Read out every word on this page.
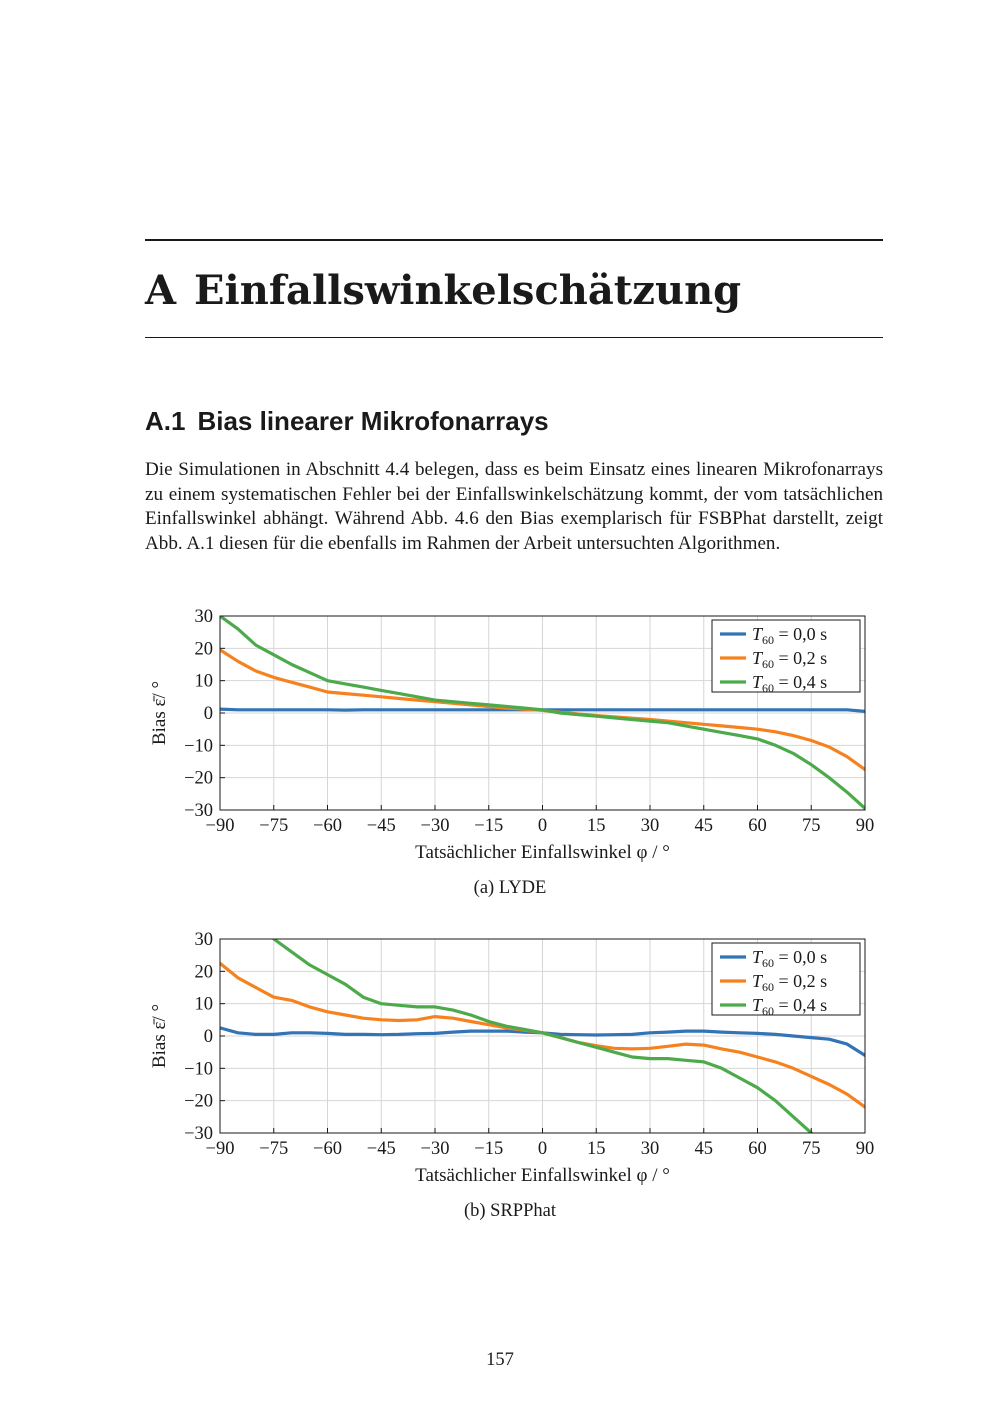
A Einfallswinkelschätzung
A.1 Bias linearer Mikrofonarrays

Die Simulationen in Abschnitt 4.4 belegen, dass es beim Einsatz eines linearen Mikrofonarrays zu einem systematischen Fehler bei der Einfallswinkelschätzung kommt, der vom tatsächlichen Einfallswinkel abhängt. Während Abb. 4.6 den Bias exemplarisch für FSBPhat darstellt, zeigt Abb. A.1 diesen für die ebenfalls im Rahmen der Arbeit untersuchten Algorithmen.

−90 −75 −60 −45 −30 −15 0 15 30 45 60 75 90
30
20
10
0
−10
−20
−30
Tatsächlicher Einfallswinkel φ / °
Bias ε̄/ °
$T_{60} = 0,0$ s
$T_{60} = 0,2$ s
$T_{60} = 0,4$ s
(a) LYDE
−90 −75 −60 −45 −30 −15 0 15 30 45 60 75 90
30
20
10
0
−10
−20
−30
Tatsächlicher Einfallswinkel φ / °
Bias ε̄/ °
$T_{60} = 0,0$ s
$T_{60} = 0,2$ s
$T_{60} = 0,4$ s
(b) SRPPhat
157
